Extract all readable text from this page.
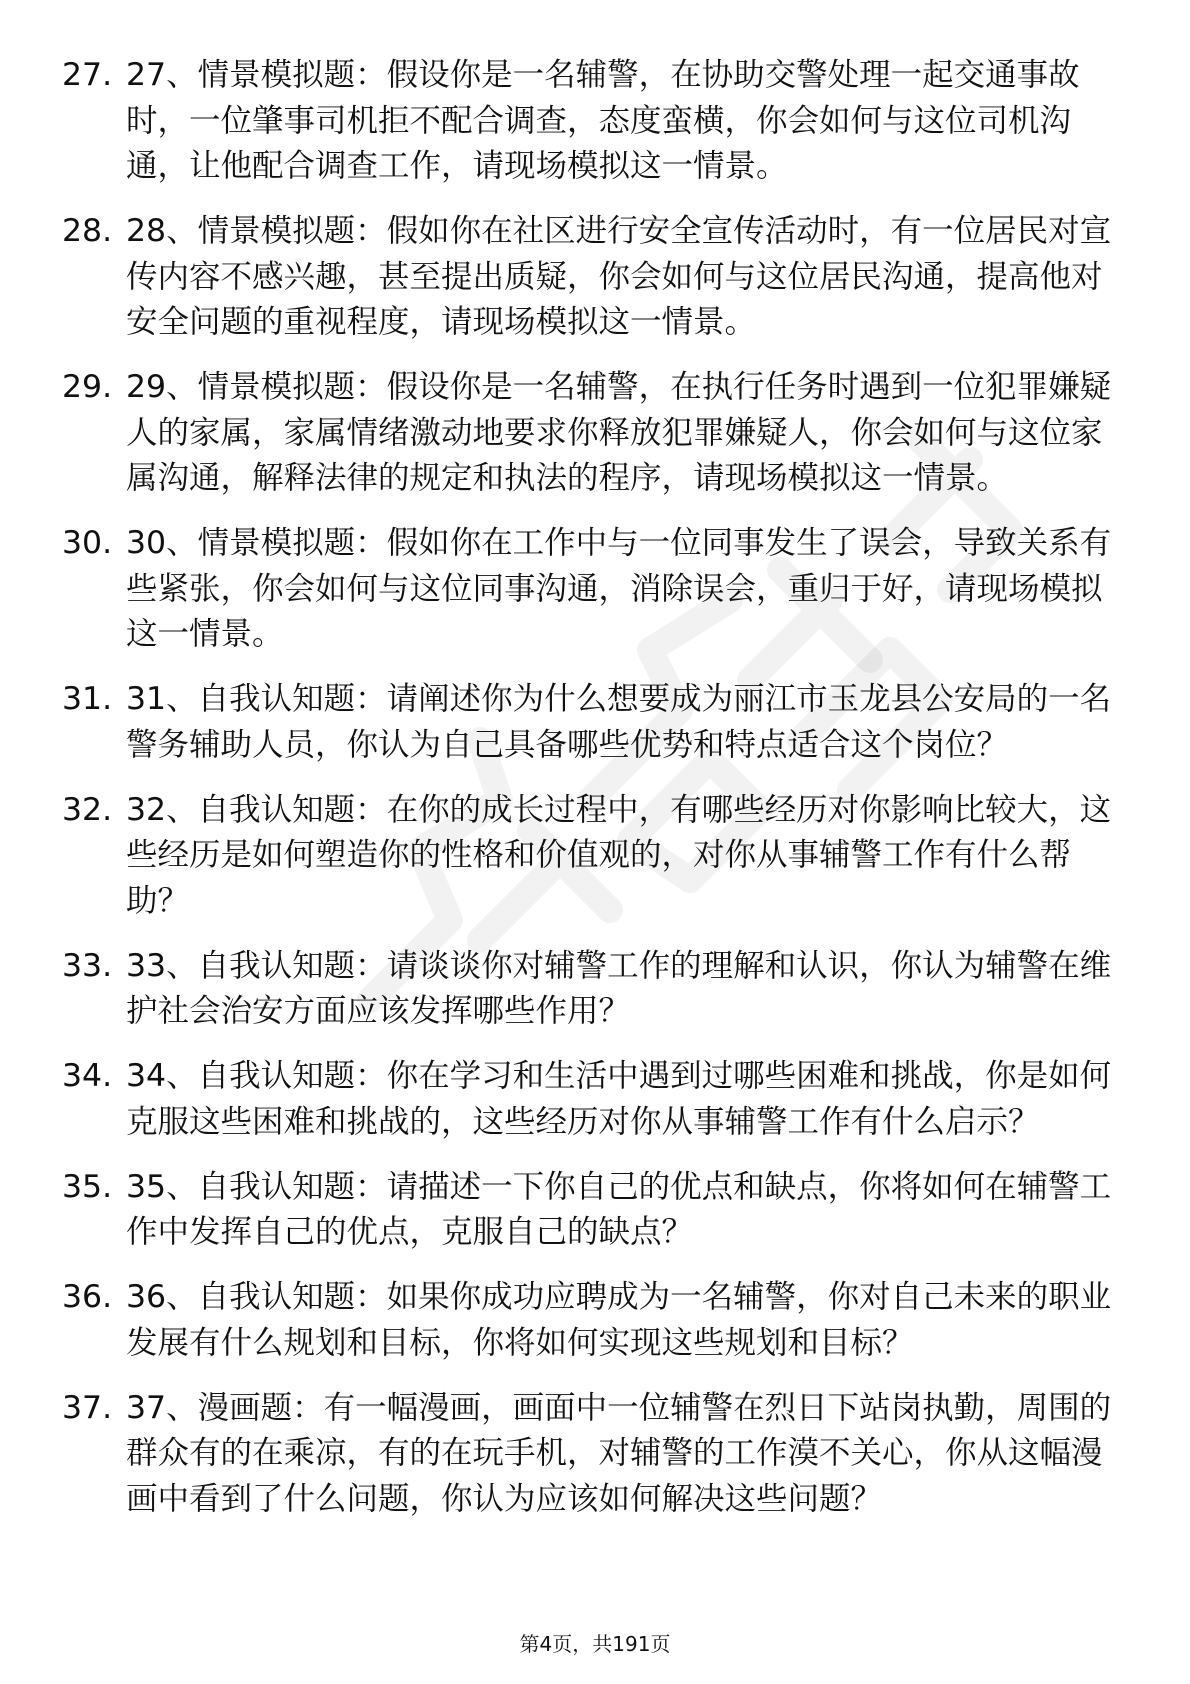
27. 27、情景模拟题：假设你是一名辅警，在协助交警处理一起交通事故时，一位肇事司机拒不配合调查，态度蛮横，你会如何与这位司机沟通，让他配合调查工作，请现场模拟这一情景。
28. 28、情景模拟题：假如你在社区进行安全宣传活动时，有一位居民对宣传内容不感兴趣，甚至提出质疑，你会如何与这位居民沟通，提高他对安全问题的重视程度，请现场模拟这一情景。
29. 29、情景模拟题：假设你是一名辅警，在执行任务时遇到一位犯罪嫌疑人的家属，家属情绪激动地要求你释放犯罪嫌疑人，你会如何与这位家属沟通，解释法律的规定和执法的程序，请现场模拟这一情景。
30. 30、情景模拟题：假如你在工作中与一位同事发生了误会，导致关系有些紧张，你会如何与这位同事沟通，消除误会，重归于好，请现场模拟这一情景。
31. 31、自我认知题：请阐述你为什么想要成为丽江市玉龙县公安局的一名警务辅助人员，你认为自己具备哪些优势和特点适合这个岗位？
32. 32、自我认知题：在你的成长过程中，有哪些经历对你影响比较大，这些经历是如何塑造你的性格和价值观的，对你从事辅警工作有什么帮助？
33. 33、自我认知题：请谈谈你对辅警工作的理解和认识，你认为辅警在维护社会治安方面应该发挥哪些作用？
34. 34、自我认知题：你在学习和生活中遇到过哪些困难和挑战，你是如何克服这些困难和挑战的，这些经历对你从事辅警工作有什么启示？
35. 35、自我认知题：请描述一下你自己的优点和缺点，你将如何在辅警工作中发挥自己的优点，克服自己的缺点？
36. 36、自我认知题：如果你成功应聘成为一名辅警，你对自己未来的职业发展有什么规划和目标，你将如何实现这些规划和目标？
37. 37、漫画题：有一幅漫画，画面中一位辅警在烈日下站岗执勤，周围的群众有的在乘凉，有的在玩手机，对辅警的工作漠不关心，你从这幅漫画中看到了什么问题，你认为应该如何解决这些问题？
第4页，共191页
